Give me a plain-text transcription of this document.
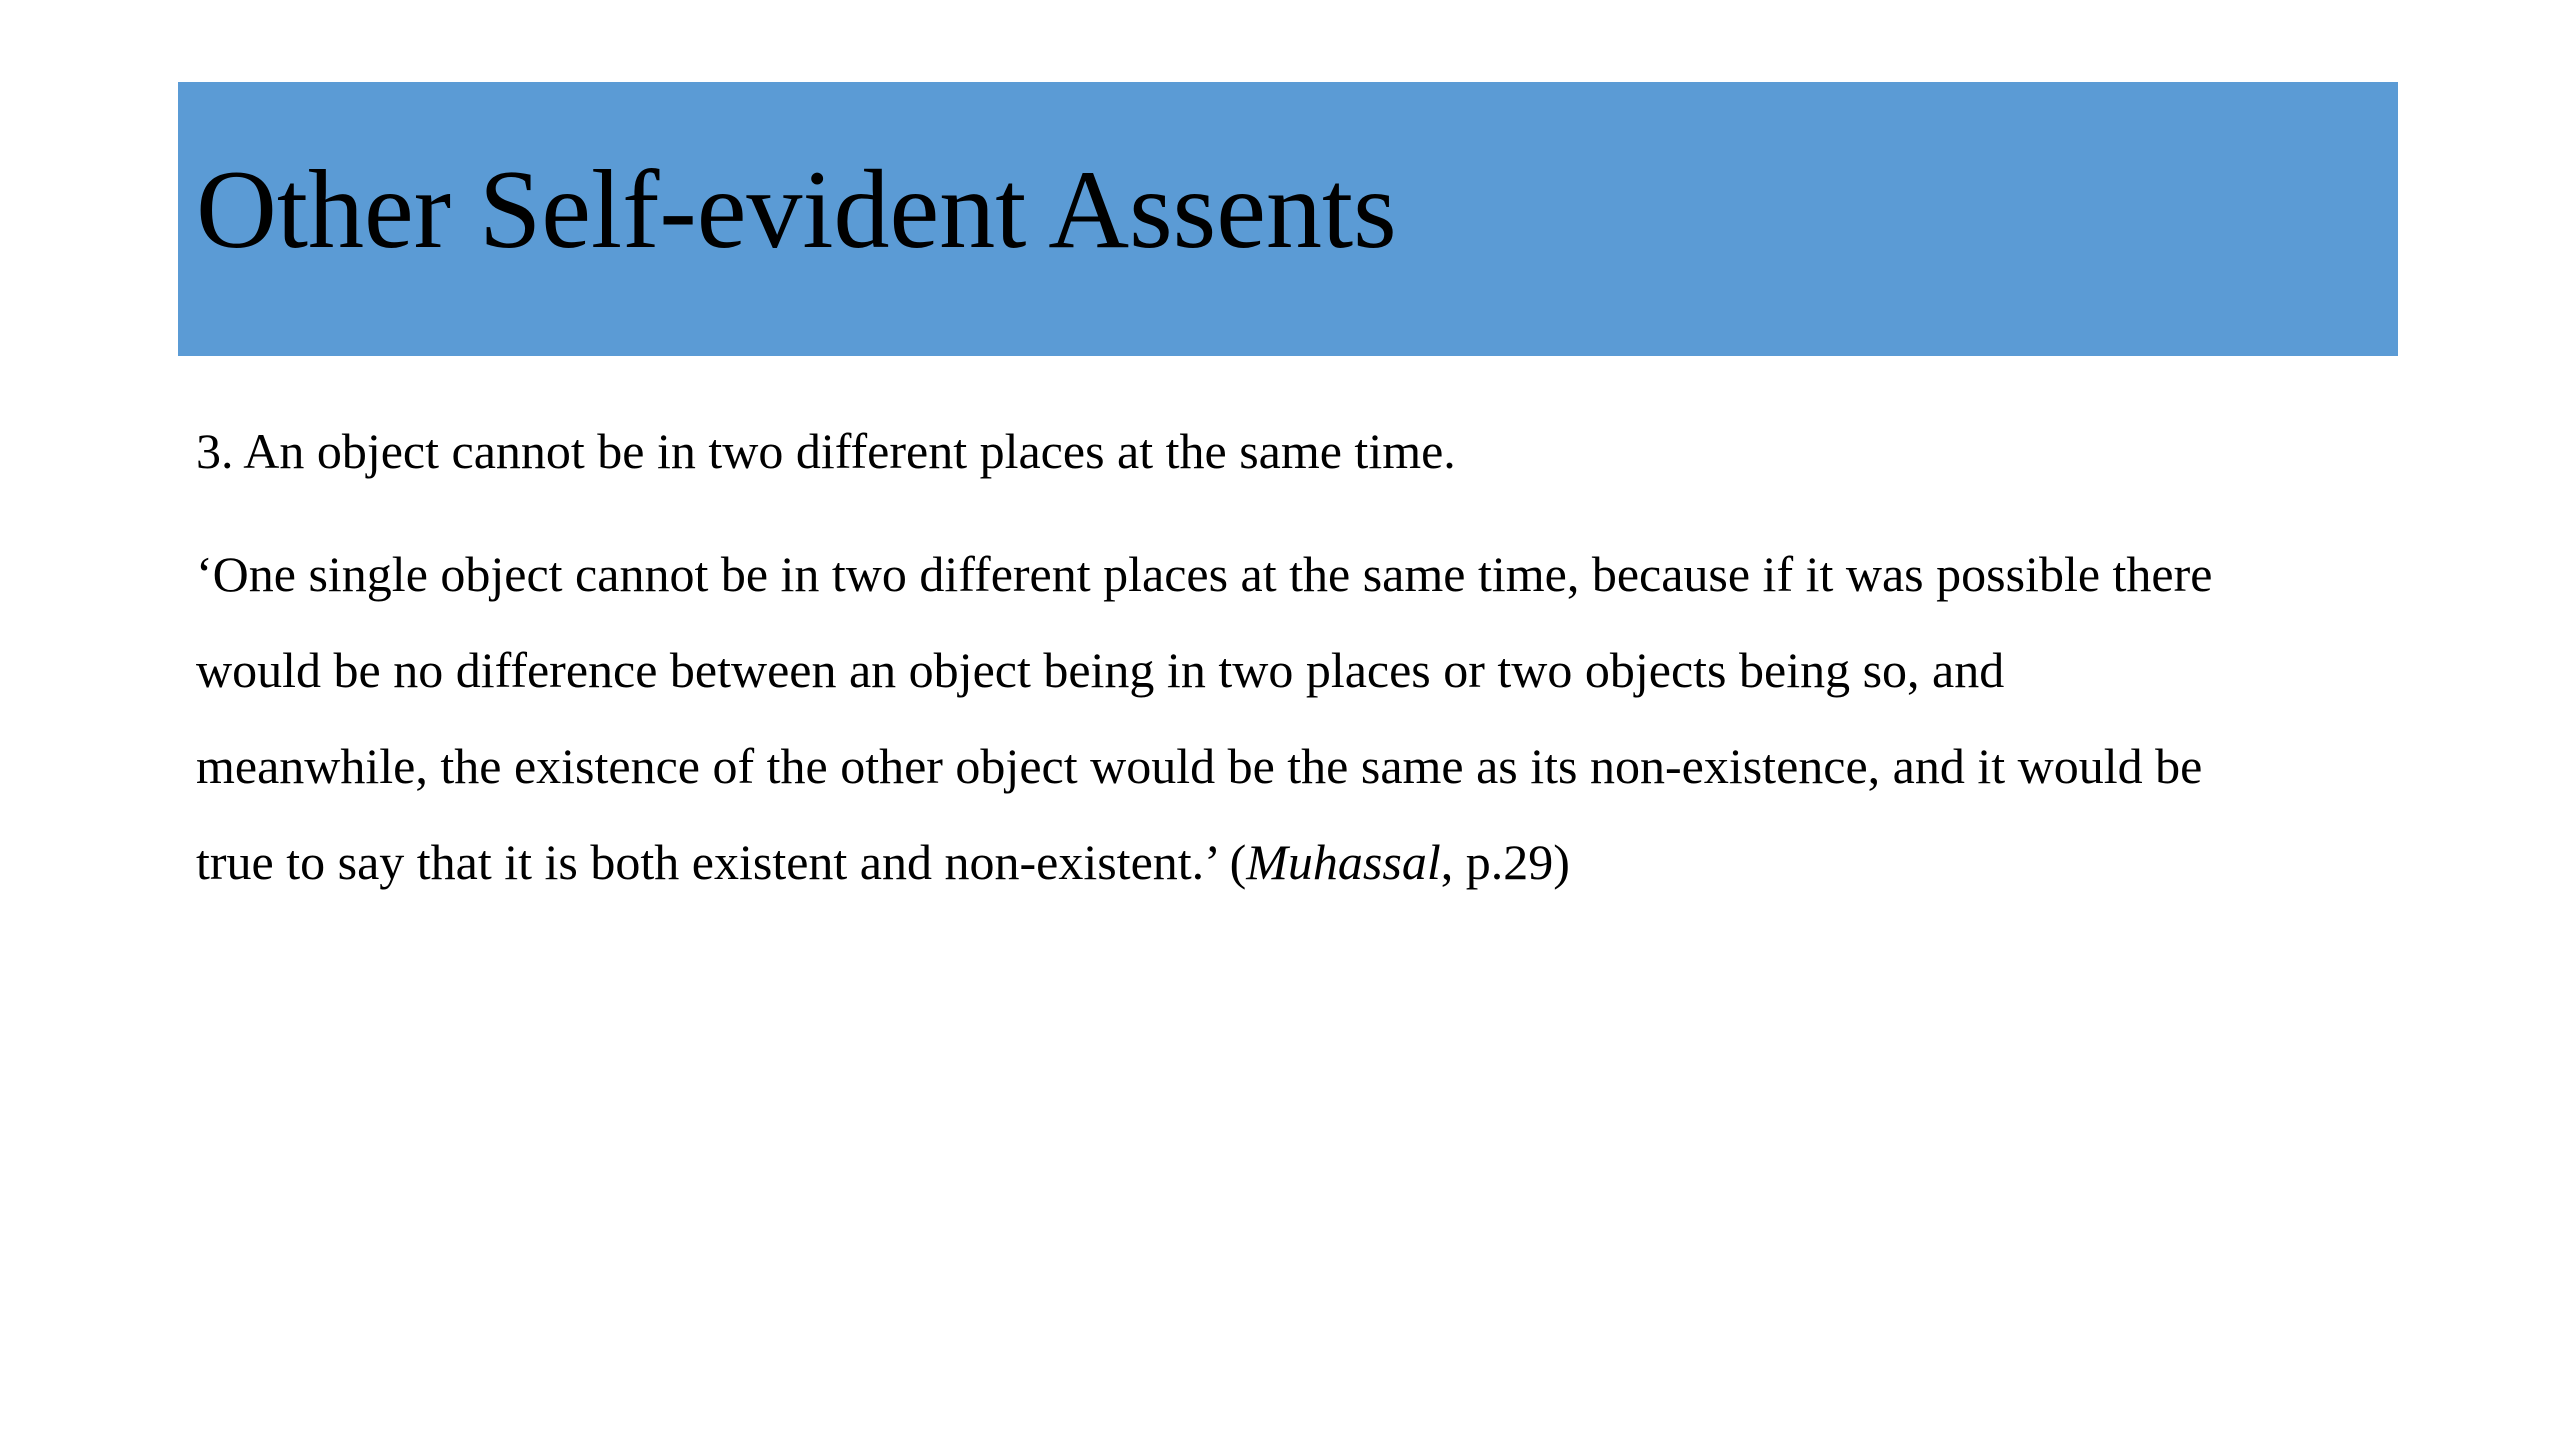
Other Self-evident Assents

3. An object cannot be in two different places at the same time.

‘One single object cannot be in two different places at the same time, because if it was possible there
would be no difference between an object being in two places or two objects being so, and
meanwhile, the existence of the other object would be the same as its non-existence, and it would be
true to say that it is both existent and non-existent.’ (Muhassal, p.29)
